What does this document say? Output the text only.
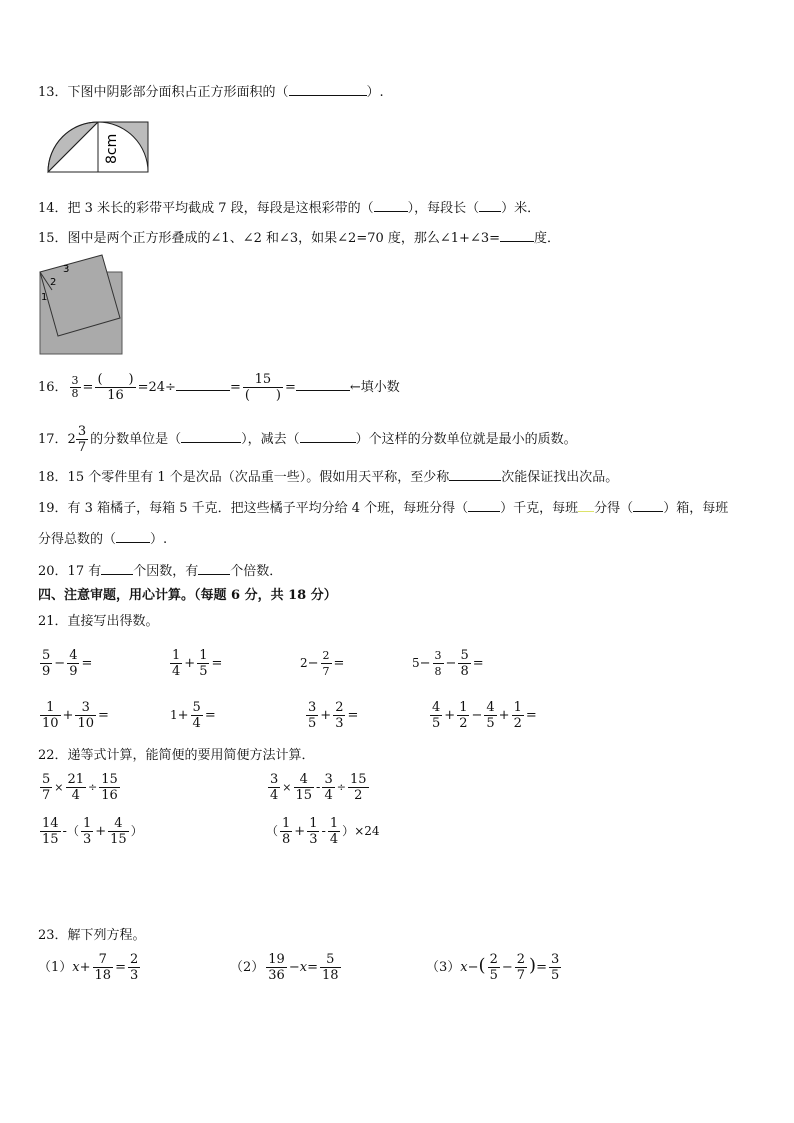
13．下图中阴影部分面积占正方形面积的（	）.
8cm
14．把 3 米长的彩带平均截成 7 段，每段是这根彩带的（	），每段长（ ）米．
15．图中是两个正方形叠成的∠1、∠2 和∠3，如果∠2=70 度，那么∠1+∠3=	度．
3
2
1
16． $\frac{3}{8} = \frac{( )}{16} =24\div$	= $\frac{15}{( )}$ =	←填小数
17．$2 \frac{3}{7}$ 的分数单位是（	），减去（	）个这样的分数单位就是最小的质数。
18．15 个零件里有 1 个是次品（次品重一些）。假如用天平称，至少称	次能保证找出次品。
19．有 3 箱橘子，每箱 5 千克．把这些橘子平均分给 4 个班，每班分得（ ）千克，每班 分得（ ）箱，每班
分得总数的（	）.
20．17 有 个因数，有 个倍数．
四、注意审题，用心计算。（每题 6 分，共 18 分）
21．直接写出得数。
$\frac{5}{9} - \frac{4}{9}$ =	$\frac{1}{4} + \frac{1}{5}$ =	$2- \frac{2}{7}$ =	$5- \frac{3}{8} - \frac{5}{8}$ =
$\frac{1}{10} + \frac{3}{10}$ =	$1+ \frac{5}{4}$ =	$\frac{3}{5} + \frac{2}{3}$ =	$\frac{4}{5} + \frac{1}{2} - \frac{4}{5} + \frac{1}{2}$ =
22．递等式计算，能简便的要用简便方法计算．
$\frac{5}{7} \times \frac{21}{4} \div \frac{15}{16}$	$\frac{3}{4} \times \frac{4}{15} - \frac{3}{4} \div \frac{15}{2}$
$\frac{14}{15}$ -（ $\frac{1}{3} + \frac{4}{15}$ ）	（ $\frac{1}{8} + \frac{1}{3} - \frac{1}{4} )\times 24$
23．解下列方程。
$(1)x+ \frac{7}{18} = \frac{2}{3}$	$(2) \frac{19}{36} -x= \frac{5}{18}$	$(3)x-( \frac{2}{5} - \frac{2}{7}$ )= $\frac{3}{5}$
